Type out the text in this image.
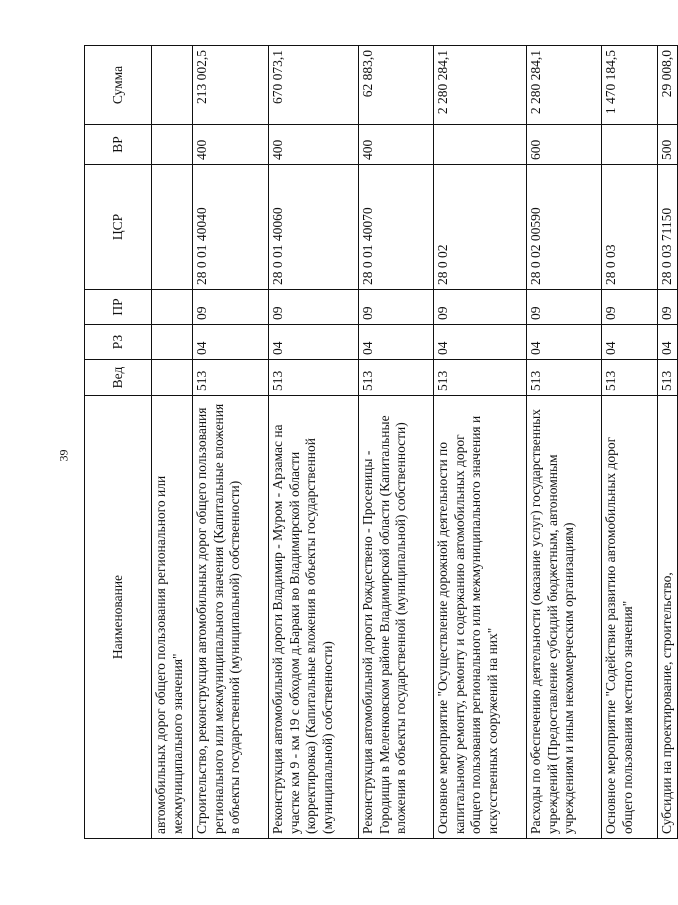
39
Наименование	Вед	РЗ	ПР	ЦСР	ВР	Сумма
автомобильных дорог общего пользования регионального или межмуниципального значения"						
Строительство, реконструкция автомобильных дорог общего пользования регионального или межмуниципального значения (Капитальные вложения в объекты государственной (муниципальной) собственности)	513	04	09	28 0 01 40040	400	213 002,5
Реконструкция автомобильной дороги Владимир - Муром - Арзамас на участке км 9 - км 19 с обходом д.Бараки во Владимирской области (корректировка) (Капитальные вложения в объекты государственной (муниципальной) собственности)	513	04	09	28 0 01 40060	400	670 073,1
Реконструкция автомобильной дороги Рождествено - Просеницы - Городищи в Меленковском районе Владимирской области (Капитальные вложения в объекты государственной (муниципальной) собственности)	513	04	09	28 0 01 40070	400	62 883,0
Основное мероприятие "Осуществление дорожной деятельности по капитальному ремонту, ремонту и содержанию автомобильных дорог общего пользования регионального или межмуниципального значения и искусственных сооружений на них"	513	04	09	28 0 02		2 280 284,1
Расходы по обеспечению деятельности (оказание услуг) государственных учреждений (Предоставление субсидий бюджетным, автономным учреждениям и иным некоммерческим организациям)	513	04	09	28 0 02 00590	600	2 280 284,1
Основное мероприятие "Содействие развитию автомобильных дорог общего пользования местного значения"	513	04	09	28 0 03		1 470 184,5
Субсидии на проектирование, строительство,	513	04	09	28 0 03 71150	500	29 008,0
